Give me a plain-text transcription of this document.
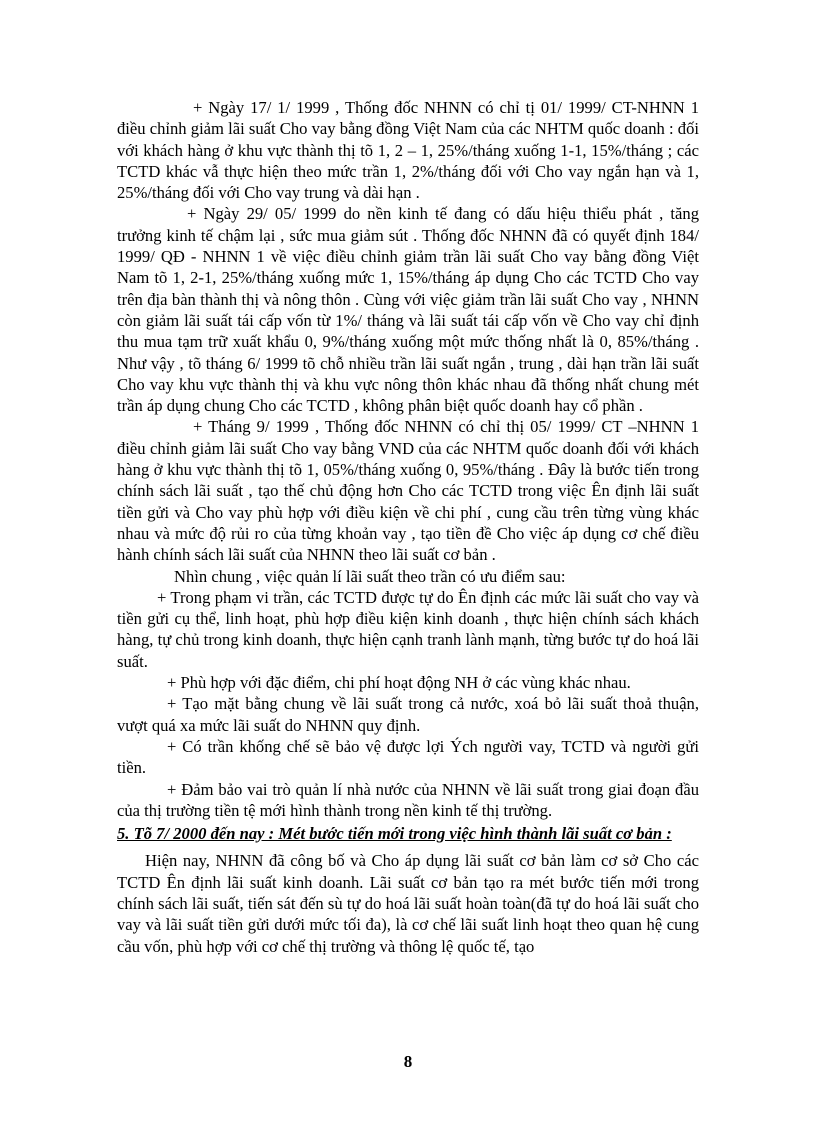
+ Ngày 17/ 1/ 1999 , Thống đốc NHNN có chỉ tị 01/ 1999/ CT-NHNN 1 điều chỉnh giảm lãi suất Cho vay bằng đồng Việt Nam của các NHTM quốc doanh : đối với khách hàng ở khu vực thành thị tõ 1, 2 – 1, 25%/tháng xuống 1-1, 15%/tháng ; các TCTD khác vẫ thực hiện theo mức trần 1, 2%/tháng đối với Cho vay ngắn hạn và 1, 25%/tháng đối với Cho vay trung và dài hạn .

+ Ngày 29/ 05/ 1999 do nền kinh tế đang có dấu hiệu thiểu phát , tăng trưởng kinh tế chậm lại , sức mua giảm sút . Thống đốc NHNN đã có quyết định 184/ 1999/ QĐ - NHNN 1 về việc điều chỉnh giảm trần lãi suất Cho vay bằng đồng Việt Nam tõ 1, 2-1, 25%/tháng xuống mức 1, 15%/tháng áp dụng Cho các TCTD Cho vay trên địa bàn thành thị và nông thôn . Cùng với việc giảm trần lãi suất Cho vay , NHNN còn giảm lãi suất tái cấp vốn từ 1%/ tháng và lãi suất tái cấp vốn về Cho vay chỉ định thu mua tạm trữ xuất khẩu 0, 9%/tháng xuống một mức thống nhất là 0, 85%/tháng . Như vậy , tõ tháng 6/ 1999 tõ chỗ nhiều trần lãi suất ngắn , trung , dài hạn trần lãi suất Cho vay khu vực thành thị và khu vực nông thôn khác nhau đã thống nhất chung mét trần áp dụng chung Cho các TCTD , không phân biệt quốc doanh hay cổ phần .

+ Tháng 9/ 1999 , Thống đốc NHNN có chỉ thị 05/ 1999/ CT –NHNN 1 điều chỉnh giảm lãi suất Cho vay bằng VND của các NHTM quốc doanh đối với khách hàng ở khu vực thành thị tõ 1, 05%/tháng xuống 0, 95%/tháng . Đây là bước tiến trong chính sách lãi suất , tạo thế chủ động hơn Cho các TCTD trong việc Ên định lãi suất tiền gửi và Cho vay phù hợp với điều kiện về chi phí , cung cầu trên từng vùng khác nhau và mức độ rủi ro của từng khoản vay , tạo tiền đề Cho việc áp dụng cơ chế điều hành chính sách lãi suất của NHNN theo lãi suất cơ bản .

Nhìn chung , việc quản lí lãi suất theo trần có ưu điểm sau:

+ Trong phạm vi trần, các TCTD được tự do Ên định các mức lãi suất cho vay và tiền gửi cụ thể, linh hoạt, phù hợp điều kiện kinh doanh , thực hiện chính sách khách hàng, tự chủ trong kinh doanh, thực hiện cạnh tranh lành mạnh, từng bước tự do hoá lãi suất.

+ Phù hợp với đặc điểm, chi phí hoạt động NH ở các vùng khác nhau.

+ Tạo mặt bằng chung về lãi suất trong cả nước, xoá bỏ lãi suất thoả thuận, vượt quá xa mức lãi suất do NHNN quy định.

+ Có trần khống chế sẽ bảo vệ được lợi Ých người vay, TCTD và người gửi tiền.

+ Đảm bảo vai trò quản lí nhà nước của NHNN về lãi suất trong giai đoạn đầu của thị trường tiền tệ mới hình thành trong nền kinh tế thị trường.

5. Tõ 7/ 2000 đến nay : Mét bước tiến mới trong việc hình thành lãi suất cơ bản :

Hiện nay, NHNN đã công bố và Cho áp dụng lãi suất cơ bản làm cơ sở Cho các TCTD Ên định lãi suất kinh doanh. Lãi suất cơ bản tạo ra mét bước tiến mới trong chính sách lãi suất, tiến sát đến sù tự do hoá lãi suất hoàn toàn(đã tự do hoá lãi suất cho vay và lãi suất tiền gửi dưới mức tối đa), là cơ chế lãi suất linh hoạt theo quan hệ cung cầu vốn, phù hợp với cơ chế thị trường và thông lệ quốc tế, tạo

8
